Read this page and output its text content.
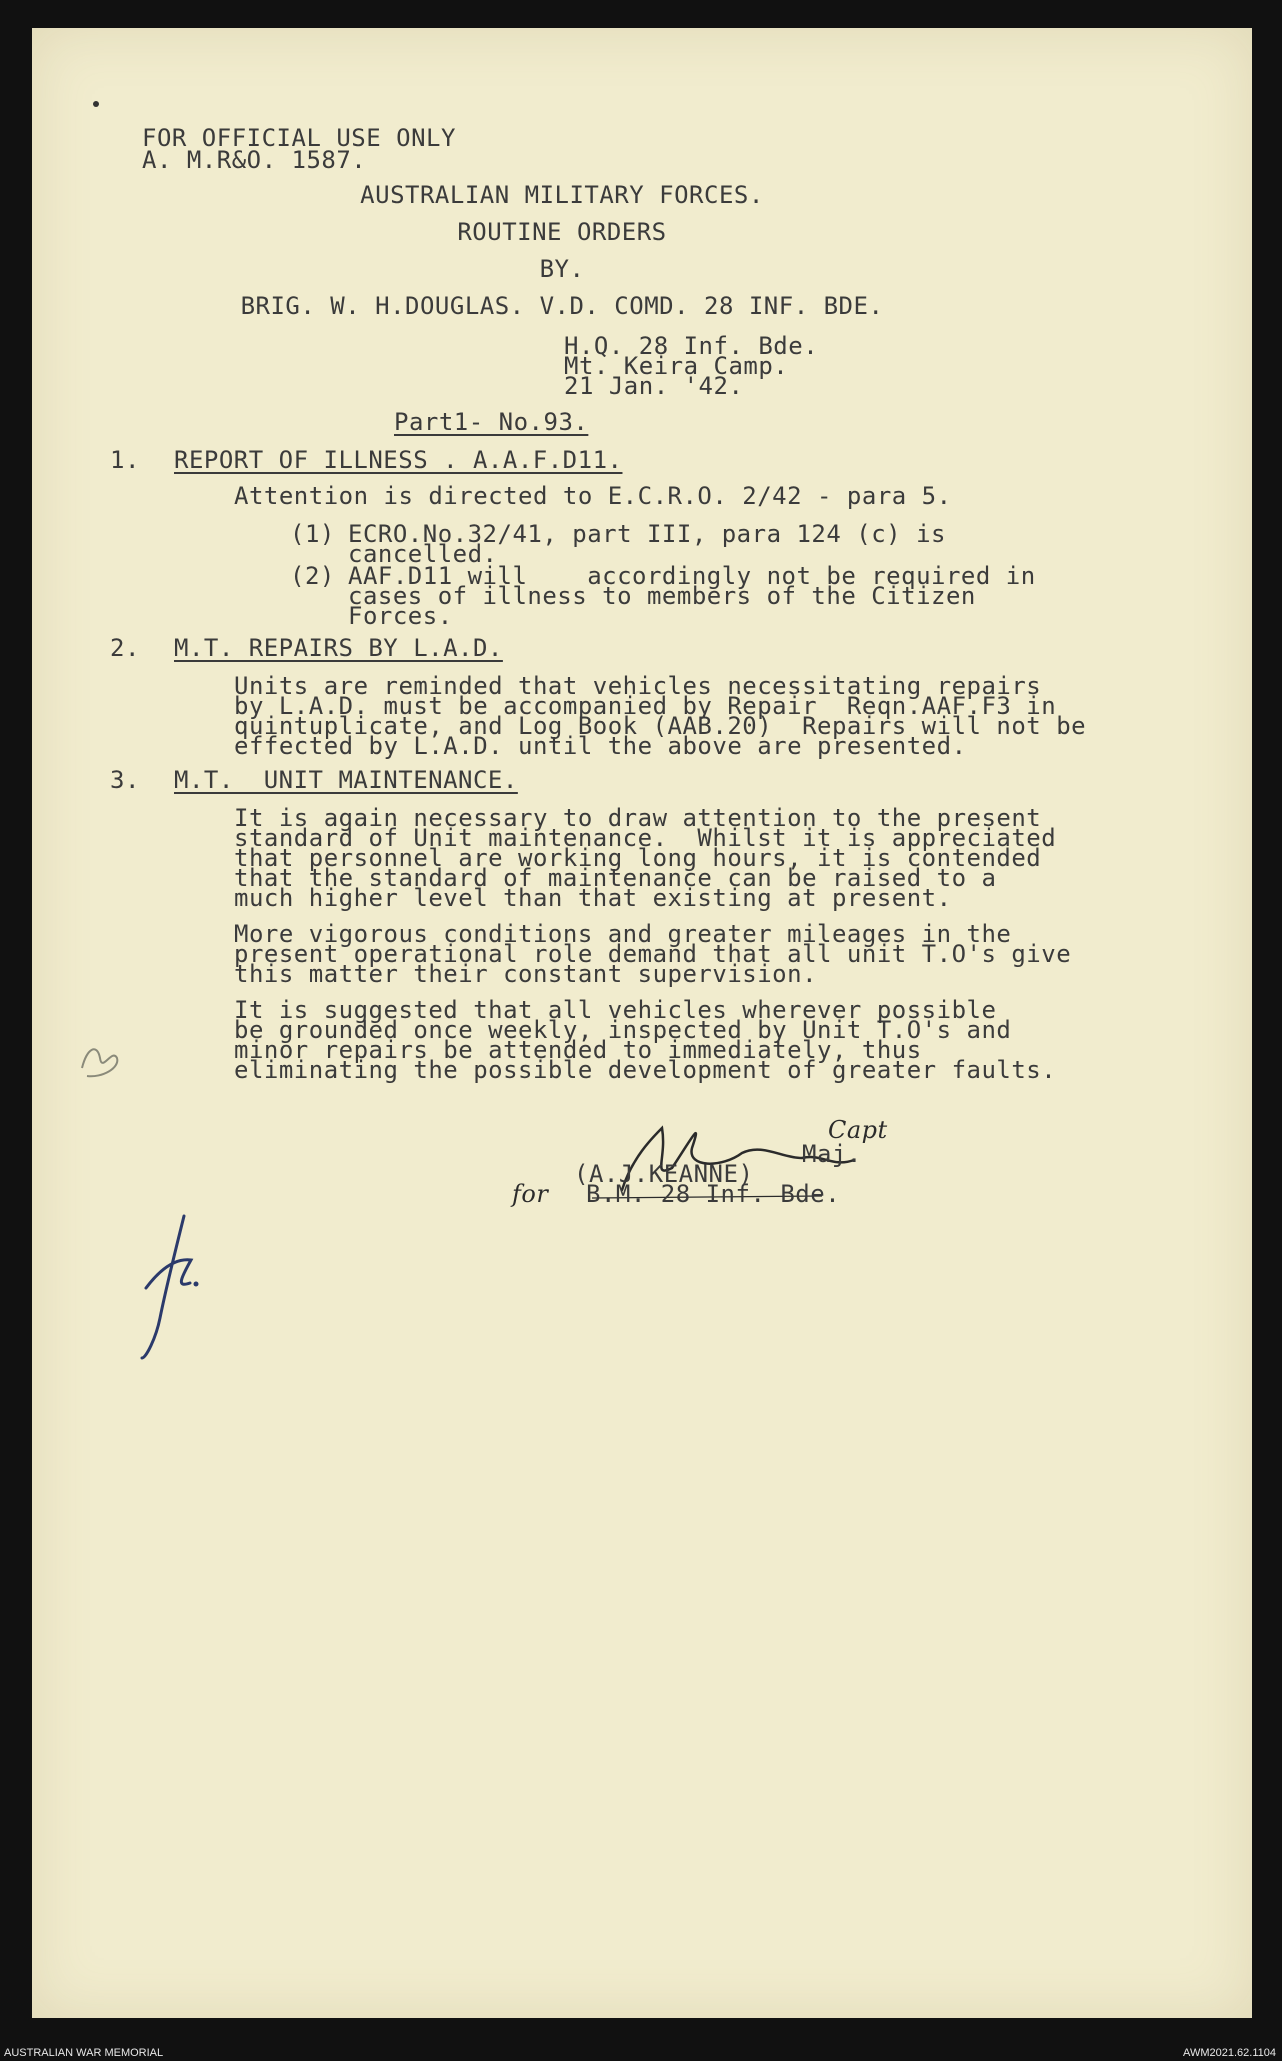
FOR OFFICIAL USE ONLY
A. M.R&O. 1587.
AUSTRALIAN MILITARY FORCES.
ROUTINE ORDERS
BY.
BRIG. W. H.DOUGLAS. V.D. COMD. 28 INF. BDE.
H.Q. 28 Inf. Bde.
Mt. Keira Camp.
21 Jan. '42.
Part1- No.93.
1. REPORT OF ILLNESS . A.A.F.D11.
Attention is directed to E.C.R.O. 2/42 - para 5.
(1) ECRO.No.32/41, part III, para 124 (c) is
cancelled.
(2) AAF.D11 will    accordingly not be required in
cases of illness to members of the Citizen
Forces.
2. M.T. REPAIRS BY L.A.D.
Units are reminded that vehicles necessitating repairs
by L.A.D. must be accompanied by Repair  Reqn.AAF.F3 in
quintuplicate, and Log Book (AAB.20)  Repairs will not be
effected by L.A.D. until the above are presented.
3. M.T.  UNIT MAINTENANCE.
It is again necessary to draw attention to the present
standard of Unit maintenance.  Whilst it is appreciated
that personnel are working long hours, it is contended
that the standard of maintenance can be raised to a
much higher level than that existing at present.
More vigorous conditions and greater mileages in the
present operational role demand that all unit T.O's give
this matter their constant supervision.
It is suggested that all vehicles wherever possible
be grounded once weekly, inspected by Unit T.O's and
minor repairs be attended to immediately, thus
eliminating the possible development of greater faults.
Capt
Maj.
(A.J.KEANNE)
for B.M. 28 Inf. Bde.
AUSTRALIAN WAR MEMORIAL	AWM2021.62.1104
